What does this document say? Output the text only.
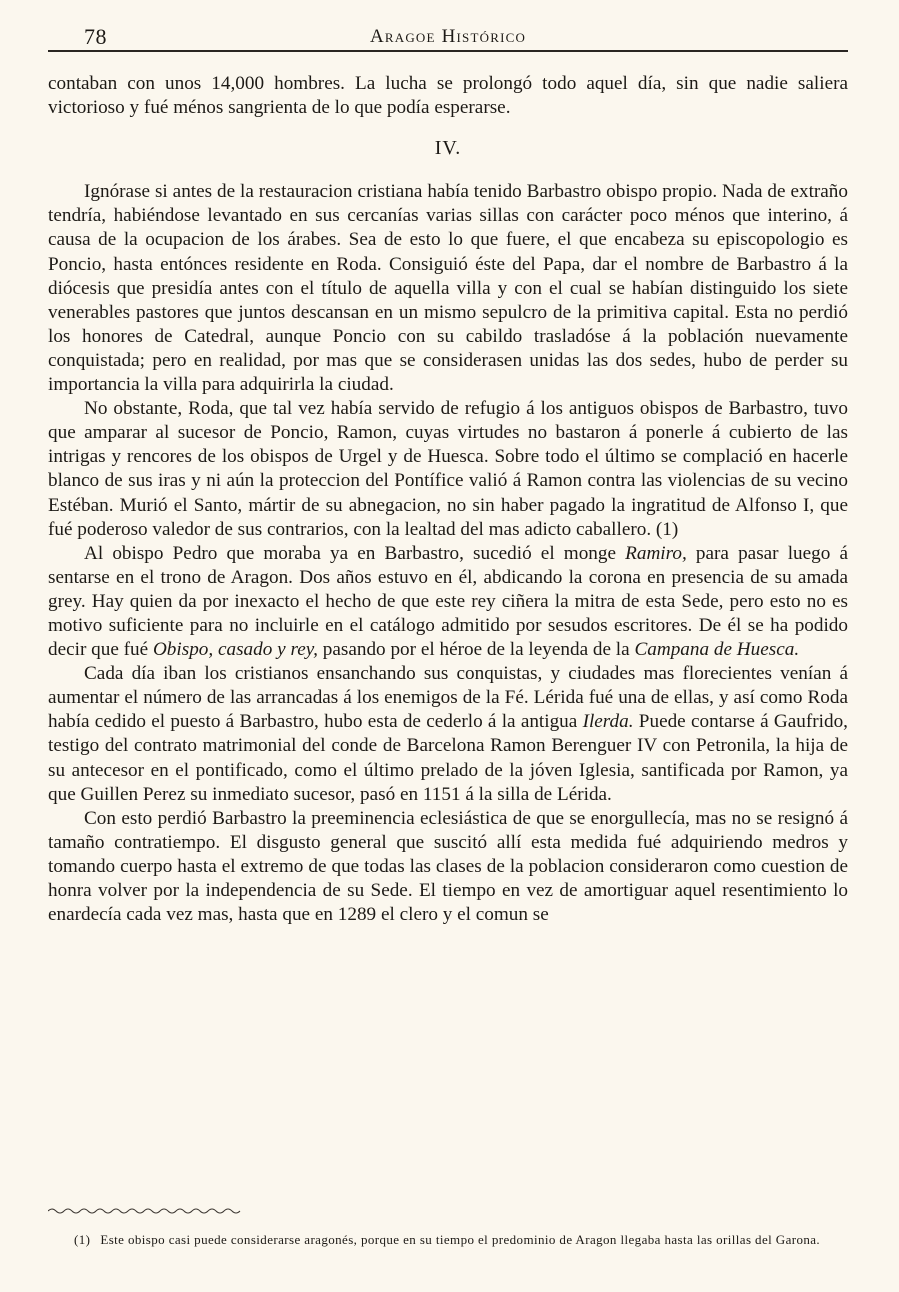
78	Aragoe Histórico

contaban con unos 14,000 hombres. La lucha se prolongó todo aquel día, sin que nadie saliera victorioso y fué ménos sangrienta de lo que podía esperarse.

IV.

Ignórase si antes de la restauracion cristiana había tenido Barbastro obispo propio. Nada de extraño tendría, habiéndose levantado en sus cercanías varias sillas con carácter poco ménos que interino, á causa de la ocupacion de los árabes. Sea de esto lo que fuere, el que encabeza su episcopologio es Poncio, hasta entónces residente en Roda. Consiguió éste del Papa, dar el nombre de Barbastro á la diócesis que presidía antes con el título de aquella villa y con el cual se habían distinguido los siete venerables pastores que juntos descansan en un mismo sepulcro de la primitiva capital. Esta no perdió los honores de Catedral, aunque Poncio con su cabildo trasladóse á la población nuevamente conquistada; pero en realidad, por mas que se considerasen unidas las dos sedes, hubo de perder su importancia la villa para adquirirla la ciudad.

No obstante, Roda, que tal vez había servido de refugio á los antiguos obispos de Barbastro, tuvo que amparar al sucesor de Poncio, Ramon, cuyas virtudes no bastaron á ponerle á cubierto de las intrigas y rencores de los obispos de Urgel y de Huesca. Sobre todo el último se complació en hacerle blanco de sus iras y ni aún la proteccion del Pontífice valió á Ramon contra las violencias de su vecino Estéban. Murió el Santo, mártir de su abnegacion, no sin haber pagado la ingratitud de Alfonso I, que fué poderoso valedor de sus contrarios, con la lealtad del mas adicto caballero. (1)

Al obispo Pedro que moraba ya en Barbastro, sucedió el monge Ramiro, para pasar luego á sentarse en el trono de Aragon. Dos años estuvo en él, abdicando la corona en presencia de su amada grey. Hay quien da por inexacto el hecho de que este rey ciñera la mitra de esta Sede, pero esto no es motivo suficiente para no incluirle en el catálogo admitido por sesudos escritores. De él se ha podido decir que fué Obispo, casado y rey, pasando por el héroe de la leyenda de la Campana de Huesca.

Cada día iban los cristianos ensanchando sus conquistas, y ciudades mas florecientes venían á aumentar el número de las arrancadas á los enemigos de la Fé. Lérida fué una de ellas, y así como Roda había cedido el puesto á Barbastro, hubo esta de cederlo á la antigua Ilerda. Puede contarse á Gaufrido, testigo del contrato matrimonial del conde de Barcelona Ramon Berenguer IV con Petronila, la hija de su antecesor en el pontificado, como el último prelado de la jóven Iglesia, santificada por Ramon, ya que Guillen Perez su inmediato sucesor, pasó en 1151 á la silla de Lérida.

Con esto perdió Barbastro la preeminencia eclesiástica de que se enorgullecía, mas no se resignó á tamaño contratiempo. El disgusto general que suscitó allí esta medida fué adquiriendo medros y tomando cuerpo hasta el extremo de que todas las clases de la poblacion consideraron como cuestion de honra volver por la independencia de su Sede. El tiempo en vez de amortiguar aquel resentimiento lo enardecía cada vez mas, hasta que en 1289 el clero y el comun se

(1) Este obispo casi puede considerarse aragonés, porque en su tiempo el predominio de Aragon llegaba hasta las orillas del Garona.
